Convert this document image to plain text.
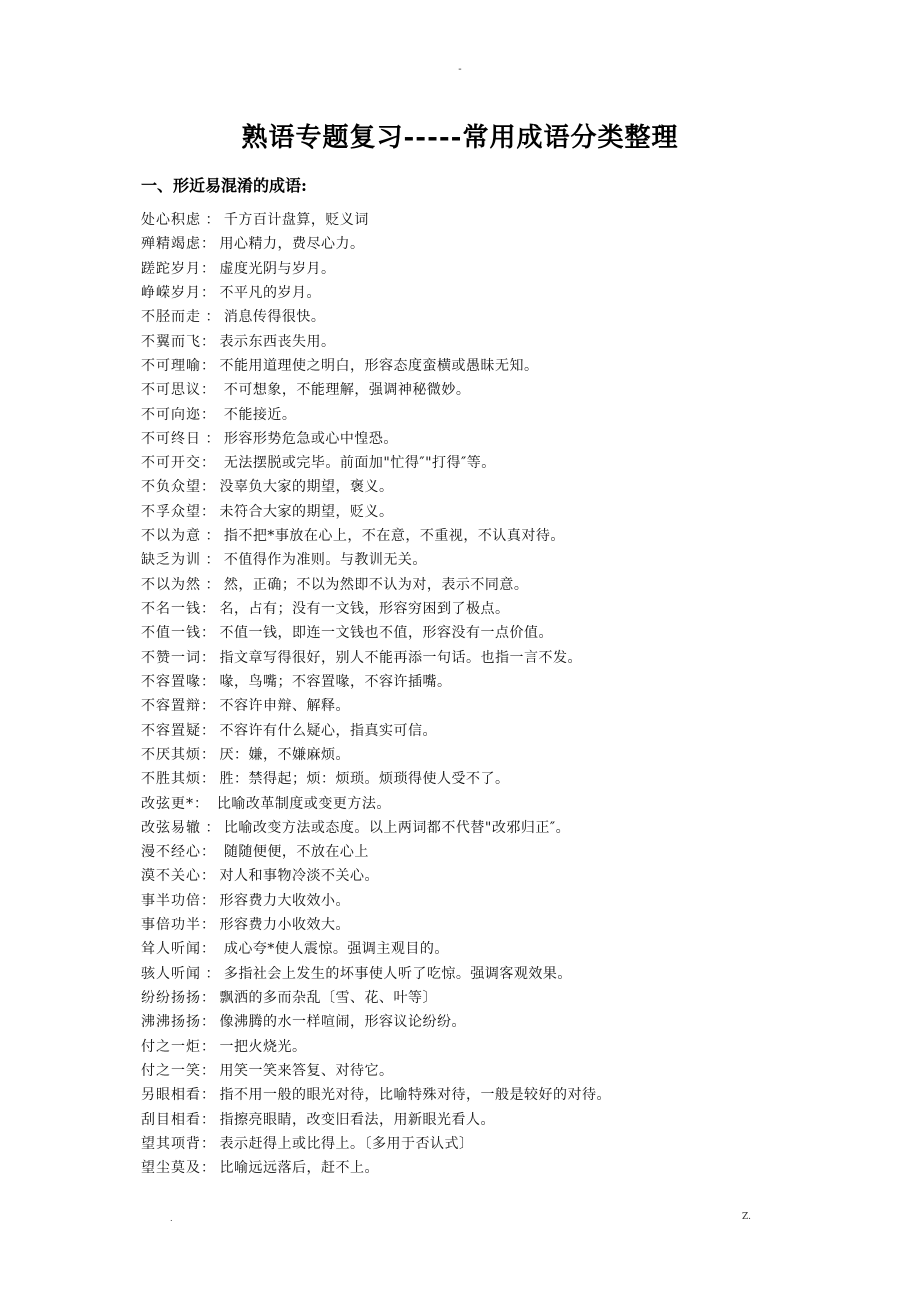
-
熟语专题复习-----常用成语分类整理
一、形近易混淆的成语:
处心积虑 ： 千方百计盘算，贬义词
殚精竭虑： 用心精力，费尽心力。
蹉跎岁月： 虚度光阴与岁月。
峥嵘岁月： 不平凡的岁月。
不胫而走 ： 消息传得很快。
不翼而飞： 表示东西丧失用。
不可理喻： 不能用道理使之明白，形容态度蛮横或愚昧无知。
不可思议：  不可想象，不能理解，强调神秘微妙。
不可向迩：  不能接近。
不可终日 ： 形容形势危急或心中惶恐。
不可开交：  无法摆脱或完毕。前面加"忙得″"打得″等。
不负众望： 没辜负大家的期望，褒义。
不孚众望： 未符合大家的期望，贬义。
不以为意 ： 指不把*事放在心上，不在意，不重视，不认真对待。
缺乏为训 ： 不值得作为准则。与教训无关。
不以为然 ： 然，正确；不以为然即不认为对，表示不同意。
不名一钱： 名，占有；没有一文钱，形容穷困到了极点。
不值一钱： 不值一钱，即连一文钱也不值，形容没有一点价值。
不赞一词： 指文章写得很好，别人不能再添一句话。也指一言不发。
不容置喙： 喙，鸟嘴；不容置喙，不容许插嘴。
不容置辩： 不容许申辩、解释。
不容置疑： 不容许有什么疑心，指真实可信。
不厌其烦： 厌：嫌，不嫌麻烦。
不胜其烦： 胜：禁得起；烦：烦琐。烦琐得使人受不了。
改弦更*：  比喻改革制度或变更方法。
改弦易辙 ： 比喻改变方法或态度。以上两词都不代替"改邪归正″。
漫不经心：  随随便便，不放在心上
漠不关心： 对人和事物冷淡不关心。
事半功倍： 形容费力大收效小。
事倍功半： 形容费力小收效大。
耸人听闻：  成心夸*使人震惊。强调主观目的。
骇人听闻 ： 多指社会上发生的坏事使人听了吃惊。强调客观效果。
纷纷扬扬： 飘洒的多而杂乱〔雪、花、叶等〕
沸沸扬扬： 像沸腾的水一样喧闹，形容议论纷纷。
付之一炬： 一把火烧光。
付之一笑： 用笑一笑来答复、对待它。
另眼相看： 指不用一般的眼光对待，比喻特殊对待，一般是较好的对待。
刮目相看： 指擦亮眼睛，改变旧看法，用新眼光看人。
望其项背： 表示赶得上或比得上。〔多用于否认式〕
望尘莫及： 比喻远远落后，赶不上。
.	Z.
